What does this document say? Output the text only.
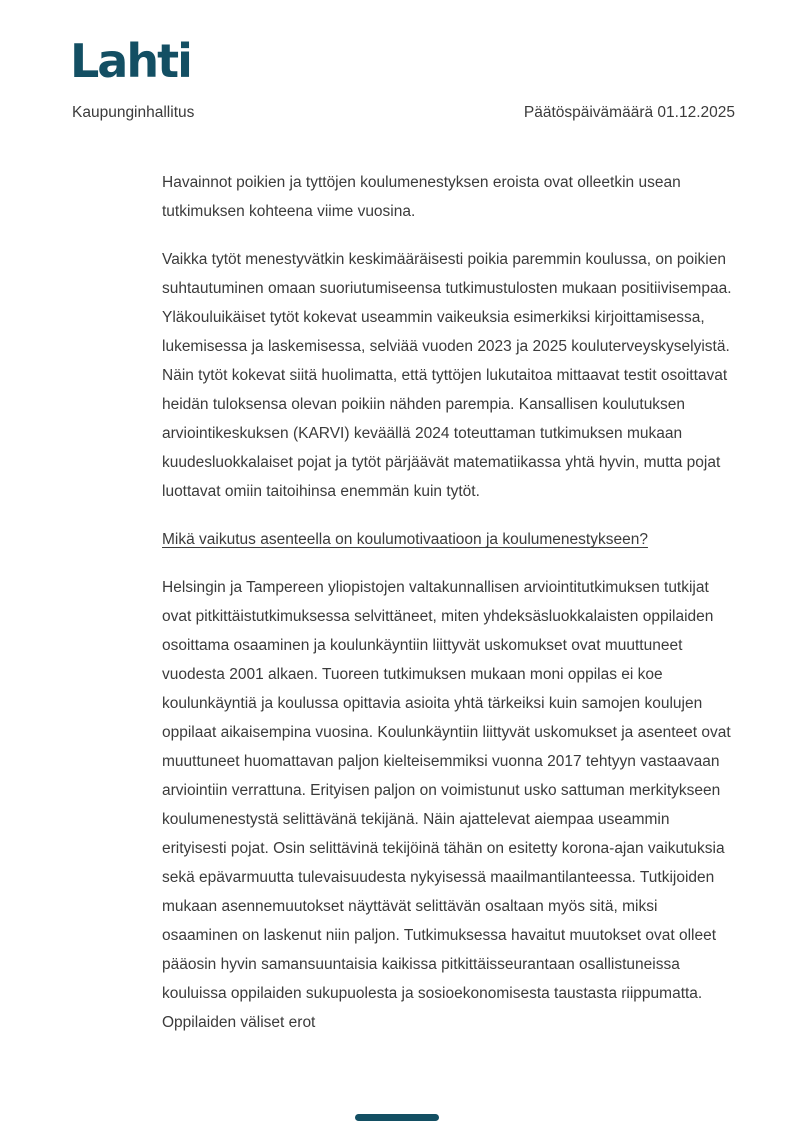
Lahti
Kaupunginhallitus	Päätöspäivämäärä 01.12.2025

Havainnot poikien ja tyttöjen koulumenestyksen eroista ovat olleetkin usean tutkimuksen kohteena viime vuosina.

Vaikka tytöt menestyvätkin keskimääräisesti poikia paremmin koulussa, on poikien suhtautuminen omaan suoriutumiseensa tutkimustulosten mukaan positiivisempaa. Yläkouluikäiset tytöt kokevat useammin vaikeuksia esimerkiksi kirjoittamisessa, lukemisessa ja laskemisessa, selviää vuoden 2023 ja 2025 kouluterveyskyselyistä. Näin tytöt kokevat siitä huolimatta, että tyttöjen lukutaitoa mittaavat testit osoittavat heidän tuloksensa olevan poikiin nähden parempia. Kansallisen koulutuksen arviointikeskuksen (KARVI) keväällä 2024 toteuttaman tutkimuksen mukaan kuudesluokkalaiset pojat ja tytöt pärjäävät matematiikassa yhtä hyvin, mutta pojat luottavat omiin taitoihinsa enemmän kuin tytöt.

Mikä vaikutus asenteella on koulumotivaatioon ja koulumenestykseen?

Helsingin ja Tampereen yliopistojen valtakunnallisen arviointitutkimuksen tutkijat ovat pitkittäistutkimuksessa selvittäneet, miten yhdeksäsluokkalaisten oppilaiden osoittama osaaminen ja koulunkäyntiin liittyvät uskomukset ovat muuttuneet vuodesta 2001 alkaen. Tuoreen tutkimuksen mukaan moni oppilas ei koe koulunkäyntiä ja koulussa opittavia asioita yhtä tärkeiksi kuin samojen koulujen oppilaat aikaisempina vuosina. Koulunkäyntiin liittyvät uskomukset ja asenteet ovat muuttuneet huomattavan paljon kielteisemmiksi vuonna 2017 tehtyyn vastaavaan arviointiin verrattuna. Erityisen paljon on voimistunut usko sattuman merkitykseen koulumenestystä selittävänä tekijänä. Näin ajattelevat aiempaa useammin erityisesti pojat. Osin selittävinä tekijöinä tähän on esitetty korona-ajan vaikutuksia sekä epävarmuutta tulevaisuudesta nykyisessä maailmantilanteessa. Tutkijoiden mukaan asennemuutokset näyttävät selittävän osaltaan myös sitä, miksi osaaminen on laskenut niin paljon. Tutkimuksessa havaitut muutokset ovat olleet pääosin hyvin samansuuntaisia kaikissa pitkittäisseurantaan osallistuneissa kouluissa oppilaiden sukupuolesta ja sosioekonomisesta taustasta riippumatta. Oppilaiden väliset erot
